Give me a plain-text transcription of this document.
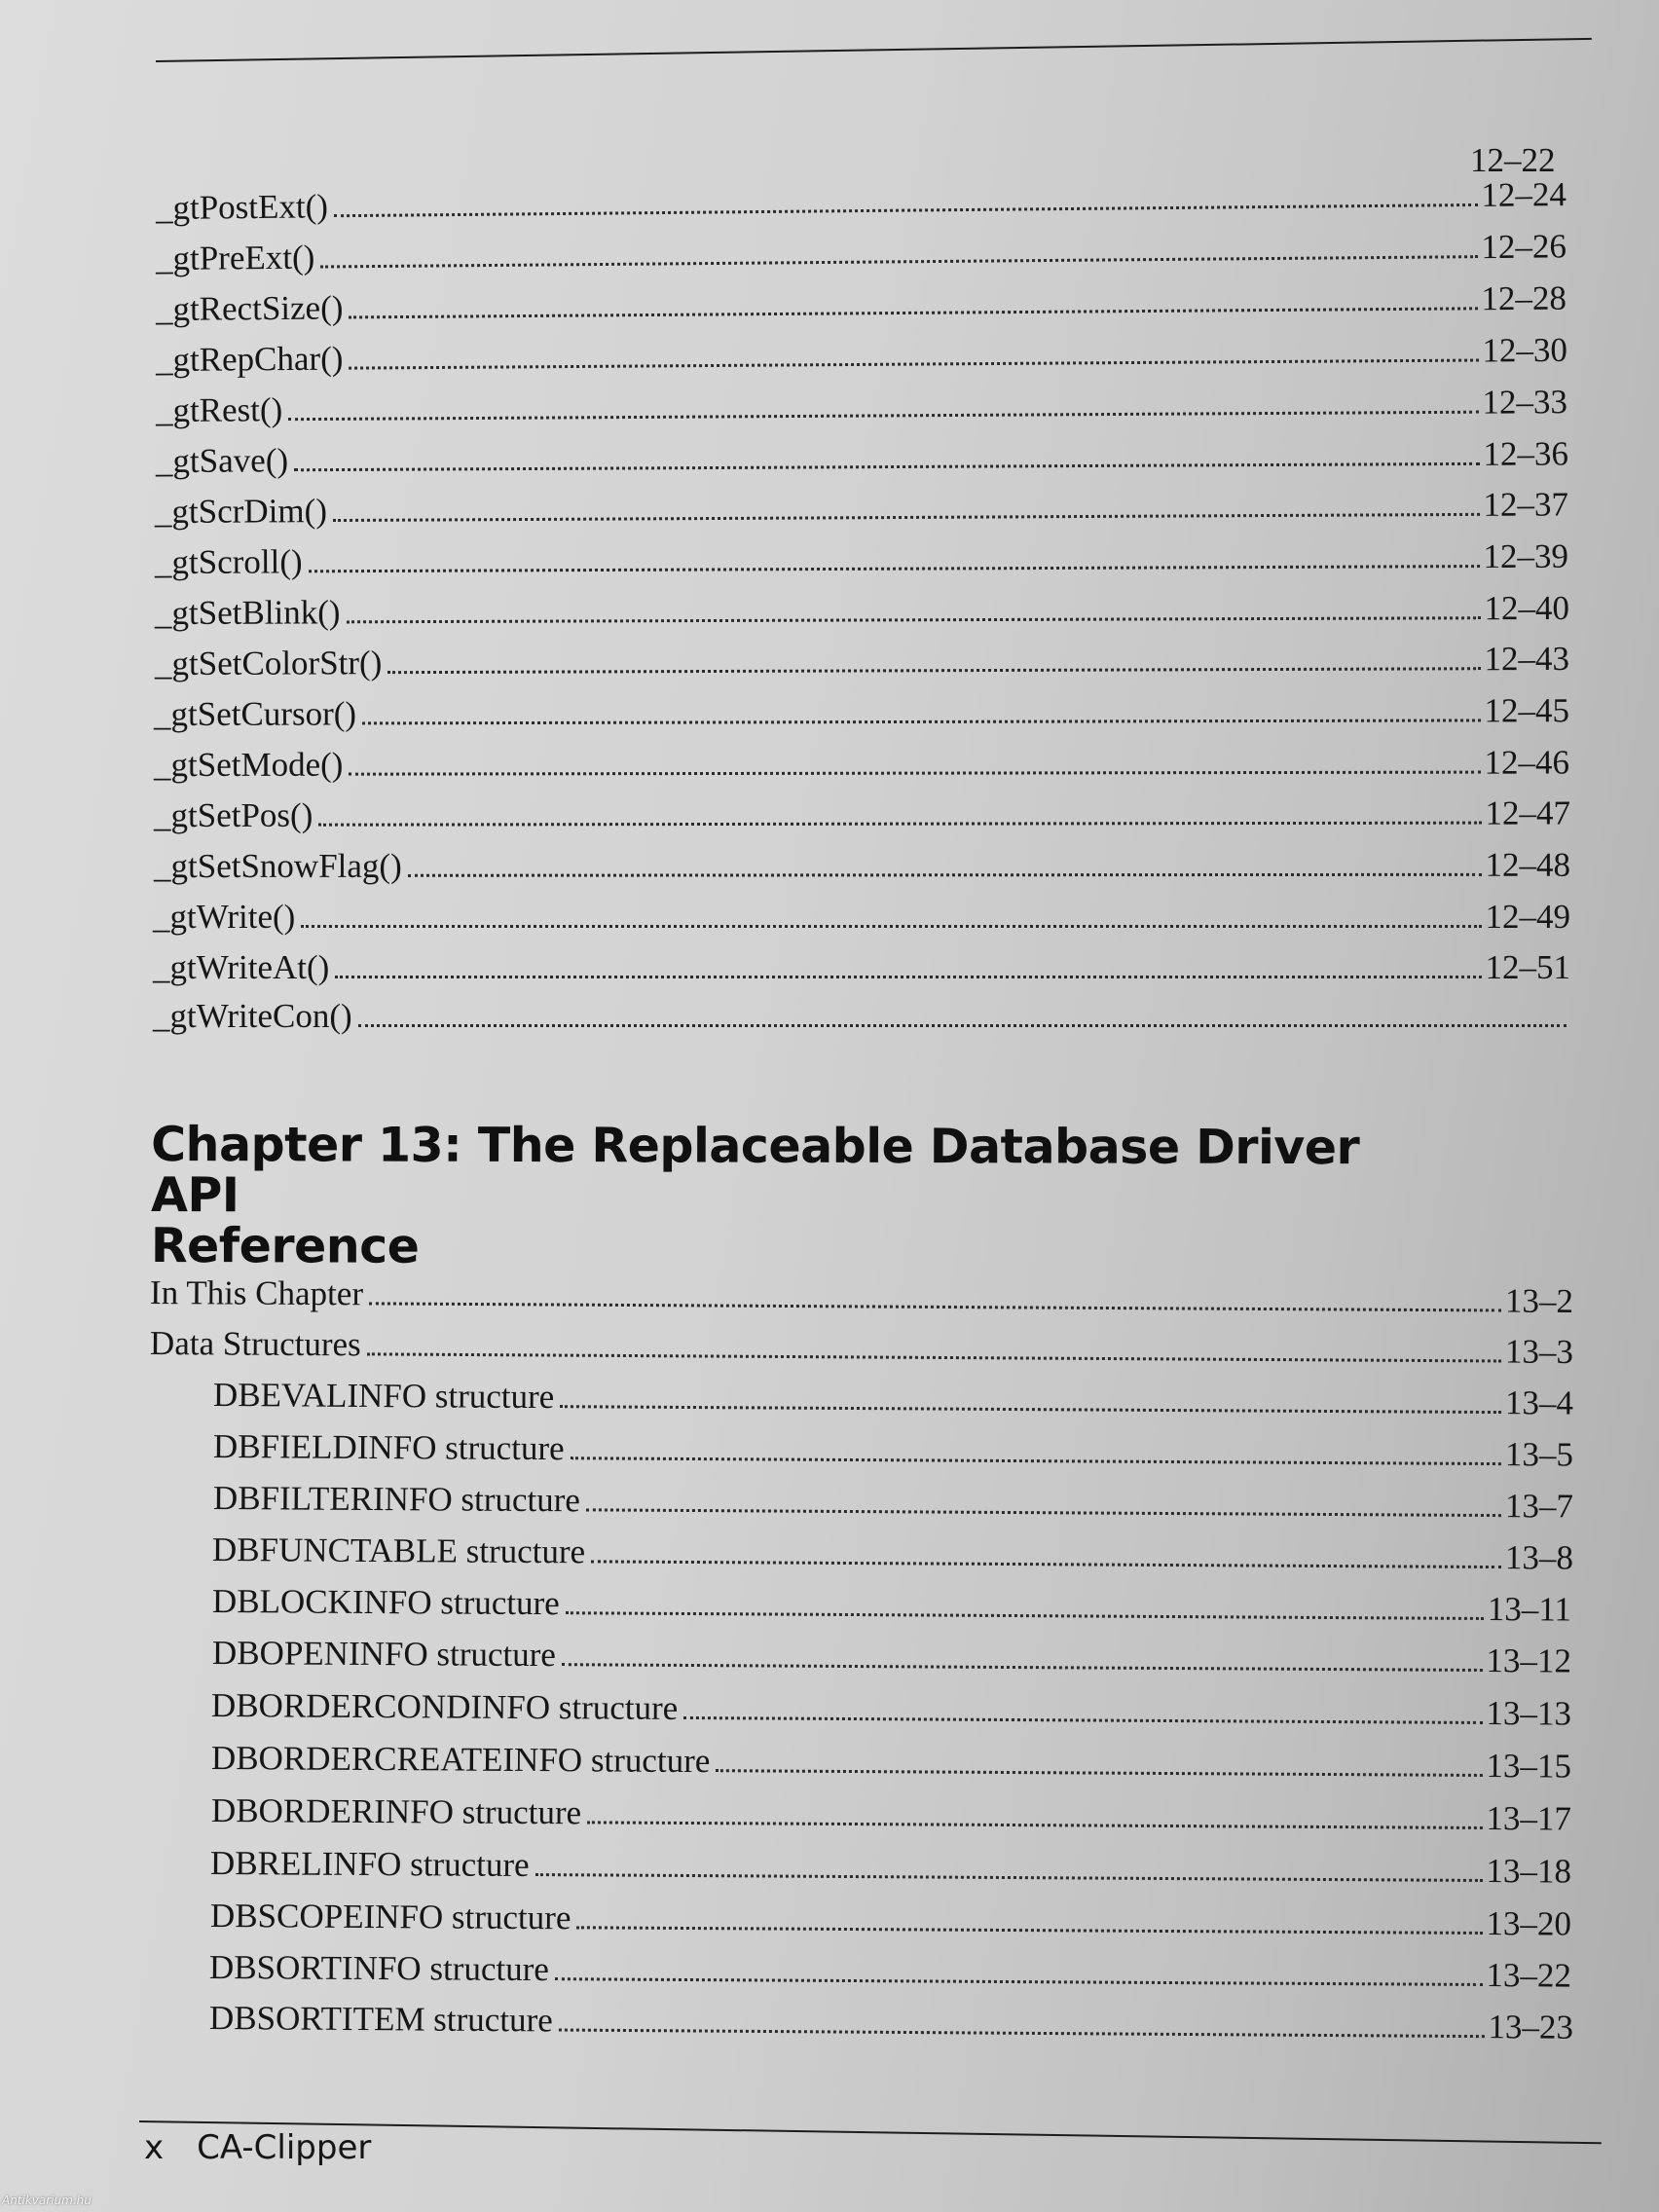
12–22
_gtPostExt()	12–24
_gtPreExt()	12–26
_gtRectSize()	12–28
_gtRepChar()	12–30
_gtRest()	12–33
_gtSave()	12–36
_gtScrDim()	12–37
_gtScroll()	12–39
_gtSetBlink()	12–40
_gtSetColorStr()	12–43
_gtSetCursor()	12–45
_gtSetMode()	12–46
_gtSetPos()	12–47
_gtSetSnowFlag()	12–48
_gtWrite()	12–49
_gtWriteAt()	12–51
_gtWriteCon()
Chapter 13: The Replaceable Database Driver API
Reference
In This Chapter	13–2
Data Structures	13–3
DBEVALINFO structure	13–4
DBFIELDINFO structure	13–5
DBFILTERINFO structure	13–7
DBFUNCTABLE structure	13–8
DBLOCKINFO structure	13–11
DBOPENINFO structure	13–12
DBORDERCONDINFO structure	13–13
DBORDERCREATEINFO structure	13–15
DBORDERINFO structure	13–17
DBRELINFO structure	13–18
DBSCOPEINFO structure	13–20
DBSORTINFO structure	13–22
DBSORTITEM structure	13–23
x CA-Clipper
Antikvarium.hu
